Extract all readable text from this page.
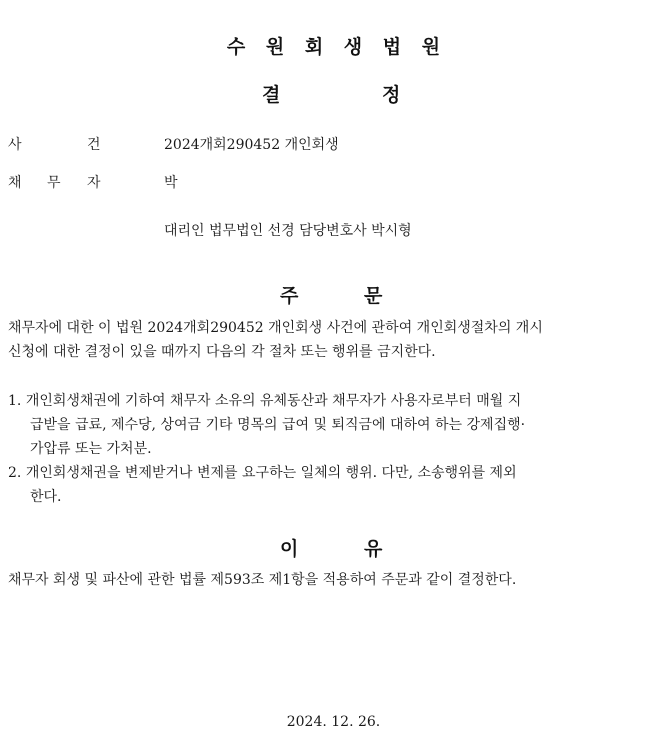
수 원 회 생 법 원
결	정
사	건	2024개회290452 개인회생
채 무 자	박
대리인 법무법인 선경 담당변호사 박시형
주	문
채무자에 대한 이 법원 2024개회290452 개인회생 사건에 관하여 개인회생절차의 개시
신청에 대한 결정이 있을 때까지 다음의 각 절차 또는 행위를 금지한다.
1. 개인회생채권에 기하여 채무자 소유의 유체동산과 채무자가 사용자로부터 매월 지
급받을 급료, 제수당, 상여금 기타 명목의 급여 및 퇴직금에 대하여 하는 강제집행·
가압류 또는 가처분.
2. 개인회생채권을 변제받거나 변제를 요구하는 일체의 행위. 다만, 소송행위를 제외
한다.
이	유
채무자 회생 및 파산에 관한 법률 제593조 제1항을 적용하여 주문과 같이 결정한다.
2024. 12. 26.
